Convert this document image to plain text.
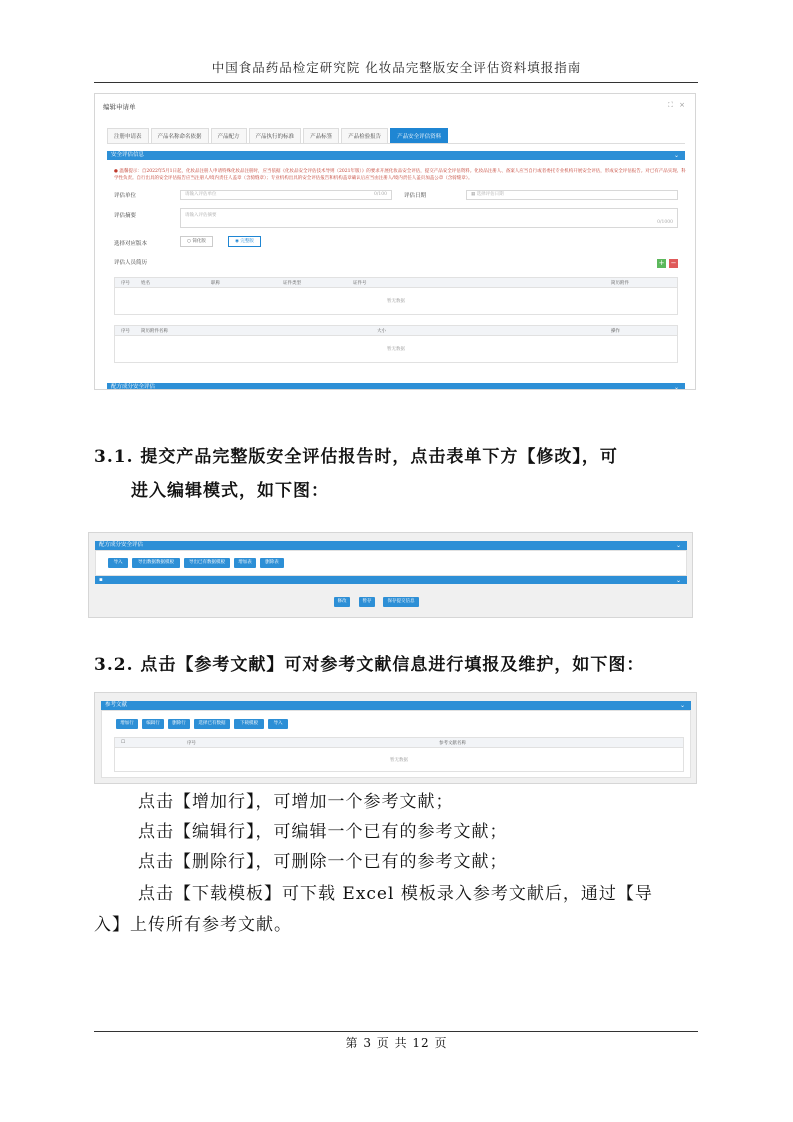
中国食品药品检定研究院 化妆品完整版安全评估资料填报指南
编辑申请单	⛶ ×
注册申请表	产品名称命名依据	产品配方	产品执行的标准	产品标签	产品检验报告	产品安全评估资料
安全评估信息	⌄
配方成分安全评估	⌄
● 温馨提示：自2022年5月1日起，化妆品注册人申请特殊化妆品注册时，应当依据《化妆品安全评估技术导则（2021年版）》的要求开展化妆品安全评估，提交产品安全评估资料。化妆品注册人、备案人应当自行或者委托专业机构开展安全评估，形成安全评估报告。对已有产品实现、科学性负责。自行出具的安全评估报告应当注册人/境内责任人盖章（含骑缝章）；专业机构出具的安全评估报告和机构盖章确认后应当由注册人/境内责任人盖页加盖公章（含骑缝章）。
评估单位	请输入评估单位	0/100	评估日期	▦ 选择评估日期
评估摘要	请输入评估摘要
0/1000
选择对应版本	○ 简化版	◉ 完整版
评估人员简历	+ −
序号 姓名	职称	证件类型	证件号	简历附件
暂无数据
序号 简历附件名称	大小	操作
暂无数据
3.1. 提交产品完整版安全评估报告时，点击表单下方【修改】，可
进入编辑模式，如下图：
配方成分安全评估	⌄
导入	导出数据数据模板	导出已有数据模板	增加表	删除表
▪	⌄
修改	暂存	保存提交信息
3.2. 点击【参考文献】可对参考文献信息进行填报及维护，如下图：
参考文献	⌄
增加行	编辑行	删除行	选择已有数据	下载模板	导入
☐	序号	参考文献名称
暂无数据
点击【增加行】，可增加一个参考文献；
点击【编辑行】，可编辑一个已有的参考文献；
点击【删除行】，可删除一个已有的参考文献；
点击【下载模板】可下载 Excel 模板录入参考文献后，通过【导
入】上传所有参考文献。
第 3 页 共 12 页
